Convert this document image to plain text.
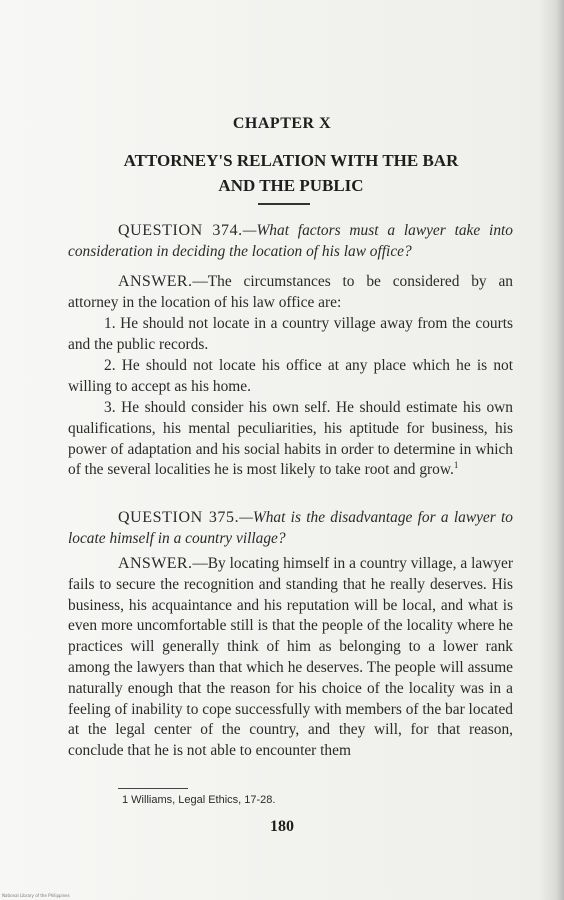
CHAPTER X
ATTORNEY'S RELATION WITH THE BAR
AND THE PUBLIC

QUESTION 374.—What factors must a lawyer take into consideration in deciding the location of his law office?

ANSWER.—The circumstances to be considered by an attorney in the location of his law office are:

1. He should not locate in a country village away from the courts and the public records.

2. He should not locate his office at any place which he is not willing to accept as his home.

3. He should consider his own self. He should estimate his own qualifications, his mental peculiarities, his aptitude for business, his power of adaptation and his social habits in order to determine in which of the several localities he is most likely to take root and grow.$^1$

QUESTION 375.—What is the disadvantage for a lawyer to locate himself in a country village?

ANSWER.—By locating himself in a country village, a lawyer fails to secure the recognition and standing that he really deserves. His business, his acquaintance and his reputation will be local, and what is even more uncomfortable still is that the people of the locality where he practices will generally think of him as belonging to a lower rank among the lawyers than that which he deserves. The people will assume naturally enough that the reason for his choice of the locality was in a feeling of inability to cope successfully with members of the bar located at the legal center of the country, and they will, for that reason, conclude that he is not able to encounter them

1 Williams, Legal Ethics, 17-28.
180
National Library of the Philippines
